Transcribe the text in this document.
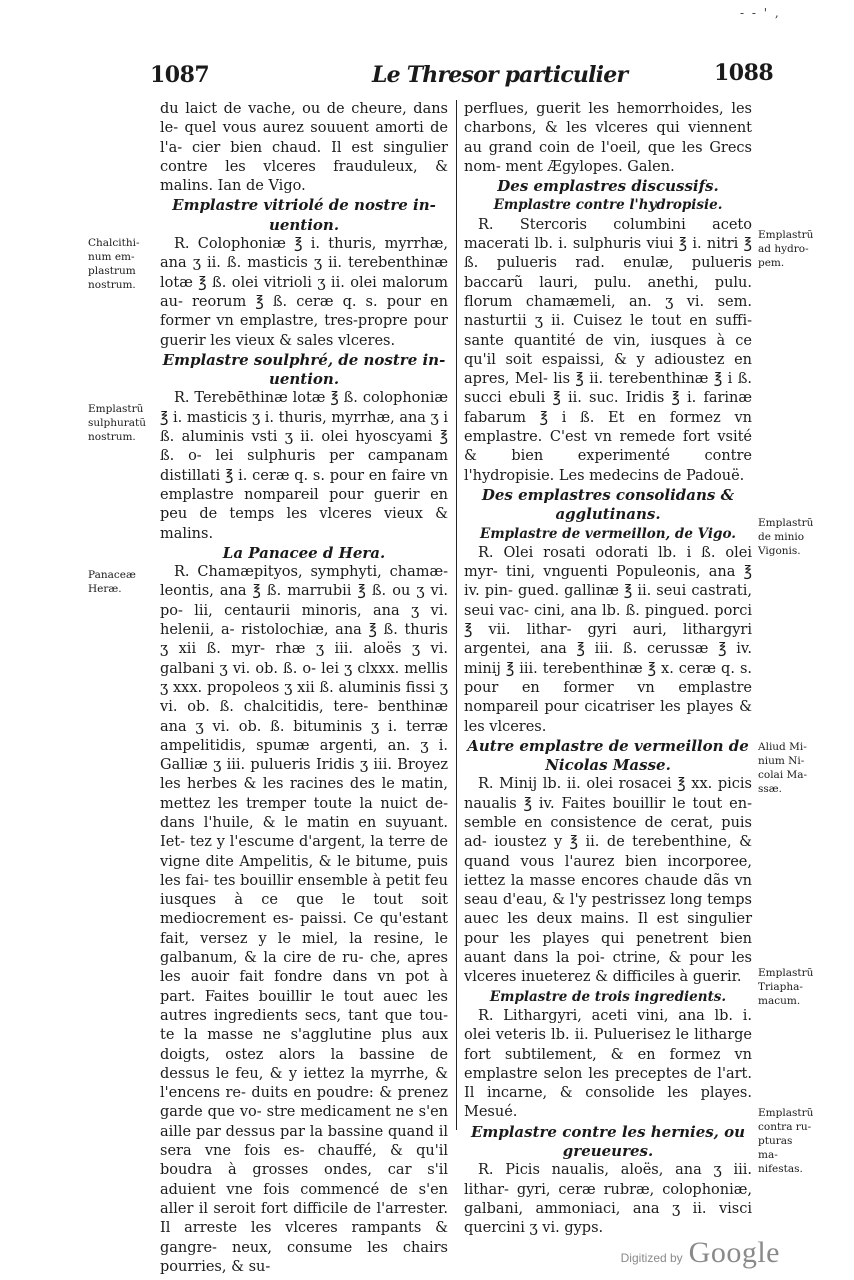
- - ' ,
1087	Le Thresor particulier	1088

du laict de vache, ou de cheure, dans le- quel vous aurez souuent amorti de l'a- cier bien chaud. Il est singulier contre les vlceres frauduleux, & malins. Ian de Vigo.

Emplastre vitriolé de nostre in- uention.

R. Colophoniæ ℥ i. thuris, myrrhæ, ana ʒ ii. ß. masticis ʒ ii. terebenthinæ lotæ ℥ ß. olei vitrioli ʒ ii. olei malorum au- reorum ℥ ß. ceræ q. s. pour en former vn emplastre, tres-propre pour guerir les vieux & sales vlceres.

Emplastre soulphré, de nostre in- uention.

R. Terebēthinæ lotæ ℥ ß. colophoniæ ℥ i. masticis ʒ i. thuris, myrrhæ, ana ʒ i ß. aluminis vsti ʒ ii. olei hyoscyami ℥ ß. o- lei sulphuris per campanam distillati ℥ i. ceræ q. s. pour en faire vn emplastre nompareil pour guerir en peu de temps les vlceres vieux & malins.

La Panacee d Hera.

R. Chamæpityos, symphyti, chamæ- leontis, ana ℥ ß. marrubii ℥ ß. ou ʒ vi. po- lii, centaurii minoris, ana ʒ vi. helenii, a- ristolochiæ, ana ℥ ß. thuris ʒ xii ß. myr- rhæ ʒ iii. aloës ʒ vi. galbani ʒ vi. ob. ß. o- lei ʒ clxxx. mellis ʒ xxx. propoleos ʒ xii ß. aluminis fissi ʒ vi. ob. ß. chalcitidis, tere- benthinæ ana ʒ vi. ob. ß. bituminis ʒ i. terræ ampelitidis, spumæ argenti, an. ʒ i. Galliæ ʒ iii. pulueris Iridis ʒ iii. Broyez les herbes & les racines des le matin, mettez les tremper toute la nuict de- dans l'huile, & le matin en suyuant. Iet- tez y l'escume d'argent, la terre de vigne dite Ampelitis, & le bitume, puis les fai- tes bouillir ensemble à petit feu iusques à ce que le tout soit mediocrement es- paissi. Ce qu'estant fait, versez y le miel, la resine, le galbanum, & la cire de ru- che, apres les auoir fait fondre dans vn pot à part. Faites bouillir le tout auec les autres ingredients secs, tant que tou- te la masse ne s'agglutine plus aux doigts, ostez alors la bassine de dessus le feu, & y iettez la myrrhe, & l'encens re- duits en poudre: & prenez garde que vo- stre medicament ne s'en aille par dessus par la bassine quand il sera vne fois es- chauffé, & qu'il boudra à grosses ondes, car s'il aduient vne fois commencé de s'en aller il seroit fort difficile de l'arrester. Il arreste les vlceres rampants & gangre- neux, consume les chairs pourries, & su-

perflues, guerit les hemorrhoides, les charbons, & les vlceres qui viennent au grand coin de l'oeil, que les Grecs nom- ment Ægylopes. Galen.

Des emplastres discussifs.
Emplastre contre l'hydropisie.

R. Stercoris columbini aceto macerati lb. i. sulphuris viui ℥ i. nitri ℥ ß. pulueris rad. enulæ, pulueris baccarũ lauri, pulu. anethi, pulu. florum chamæmeli, an. ʒ vi. sem. nasturtii ʒ ii. Cuisez le tout en suffi- sante quantité de vin, iusques à ce qu'il soit espaissi, & y adioustez en apres, Mel- lis ℥ ii. terebenthinæ ℥ i ß. succi ebuli ℥ ii. suc. Iridis ℥ i. farinæ fabarum ℥ i ß. Et en formez vn emplastre. C'est vn remede fort vsité & bien experimenté contre l'hydropisie. Les medecins de Padouë.

Des emplastres consolidans & agglutinans.
Emplastre de vermeillon, de Vigo.

R. Olei rosati odorati lb. i ß. olei myr- tini, vnguenti Populeonis, ana ℥ iv. pin- gued. gallinæ ℥ ii. seui castrati, seui vac- cini, ana lb. ß. pingued. porci ℥ vii. lithar- gyri auri, lithargyri argentei, ana ℥ iii. ß. cerussæ ℥ iv. minij ℥ iii. terebenthinæ ℥ x. ceræ q. s. pour en former vn emplastre nompareil pour cicatriser les playes & les vlceres.

Autre emplastre de vermeillon de Nicolas Masse.

R. Minij lb. ii. olei rosacei ℥ xx. picis naualis ℥ iv. Faites bouillir le tout en- semble en consistence de cerat, puis ad- ioustez y ℥ ii. de terebenthine, & quand vous l'aurez bien incorporee, iettez la masse encores chaude dãs vn seau d'eau, & l'y pestrissez long temps auec les deux mains. Il est singulier pour les playes qui penetrent bien auant dans la poi- ctrine, & pour les vlceres inueterez & difficiles à guerir.

Emplastre de trois ingredients.

R. Lithargyri, aceti vini, ana lb. i. olei veteris lb. ii. Puluerisez le litharge fort subtilement, & en formez vn emplastre selon les preceptes de l'art. Il incarne, & consolide les playes. Mesué.

Emplastre contre les hernies, ou greueures.

R. Picis naualis, aloës, ana ʒ iii. lithar- gyri, ceræ rubræ, colophoniæ, galbani, ammoniaci, ana ʒ ii. visci quercini ʒ vi. gyps.

Chalcithi- num em- plastrum nostrum.
Emplastrũ sulphuratũ nostrum.
Panaceæ Heræ.
Emplastrũ ad hydro- pem.
Emplastrũ de minio Vigonis.
Aliud Mi- nium Ni- colai Ma- ssæ.
Emplastrũ Triapha- macum.
Emplastrũ contra ru- pturas ma- nifestas.
Digitized by Google
